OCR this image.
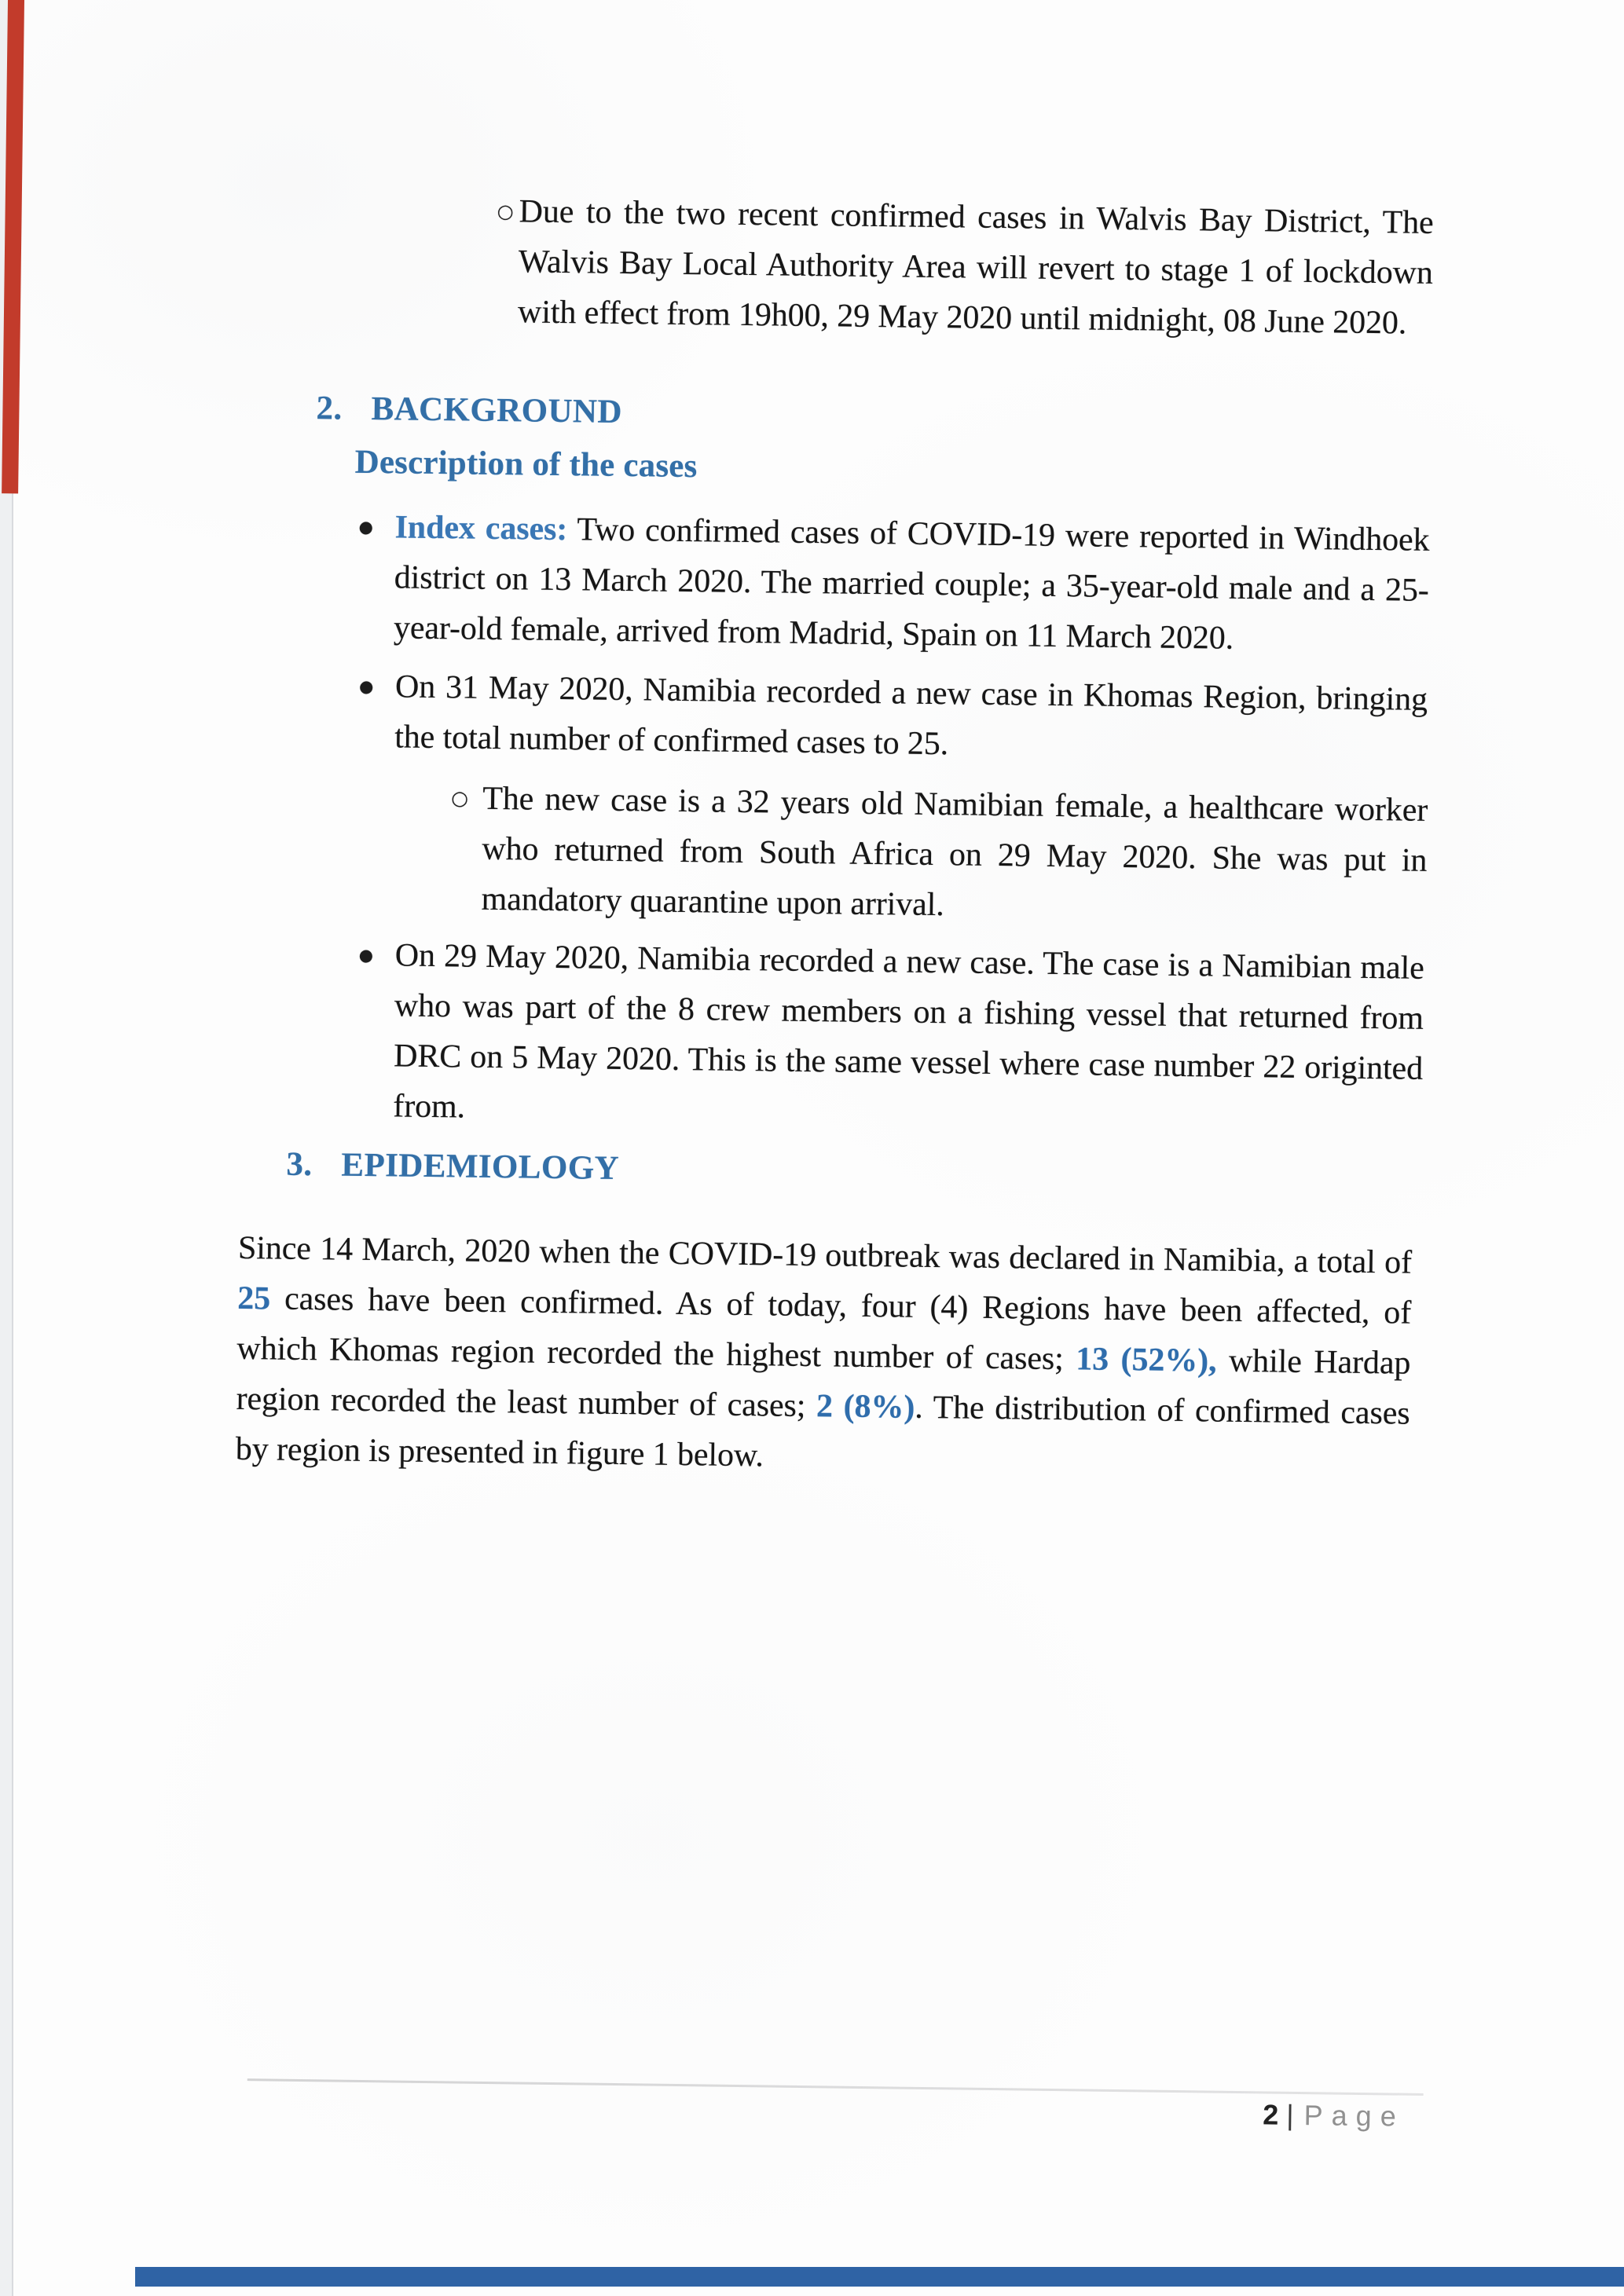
○ Due to the two recent confirmed cases in Walvis Bay District, The Walvis Bay Local Authority Area will revert to stage 1 of lockdown with effect from 19h00, 29 May 2020 until midnight, 08 June 2020.

2. BACKGROUND
Description of the cases
● Index cases: Two confirmed cases of COVID-19 were reported in Windhoek district on 13 March 2020. The married couple; a 35-year-old male and a 25-year-old female, arrived from Madrid, Spain on 11 March 2020.

● On 31 May 2020, Namibia recorded a new case in Khomas Region, bringing the total number of confirmed cases to 25.

○ The new case is a 32 years old Namibian female, a healthcare worker who returned from South Africa on 29 May 2020. She was put in mandatory quarantine upon arrival.

● On 29 May 2020, Namibia recorded a new case. The case is a Namibian male who was part of the 8 crew members on a fishing vessel that returned from DRC on 5 May 2020. This is the same vessel where case number 22 originted from.

3. EPIDEMIOLOGY

Since 14 March, 2020 when the COVID-19 outbreak was declared in Namibia, a total of 25 cases have been confirmed. As of today, four (4) Regions have been affected, of which Khomas region recorded the highest number of cases; 13 (52%), while Hardap region recorded the least number of cases; 2 (8%). The distribution of confirmed cases by region is presented in figure 1 below.

2 | Page
